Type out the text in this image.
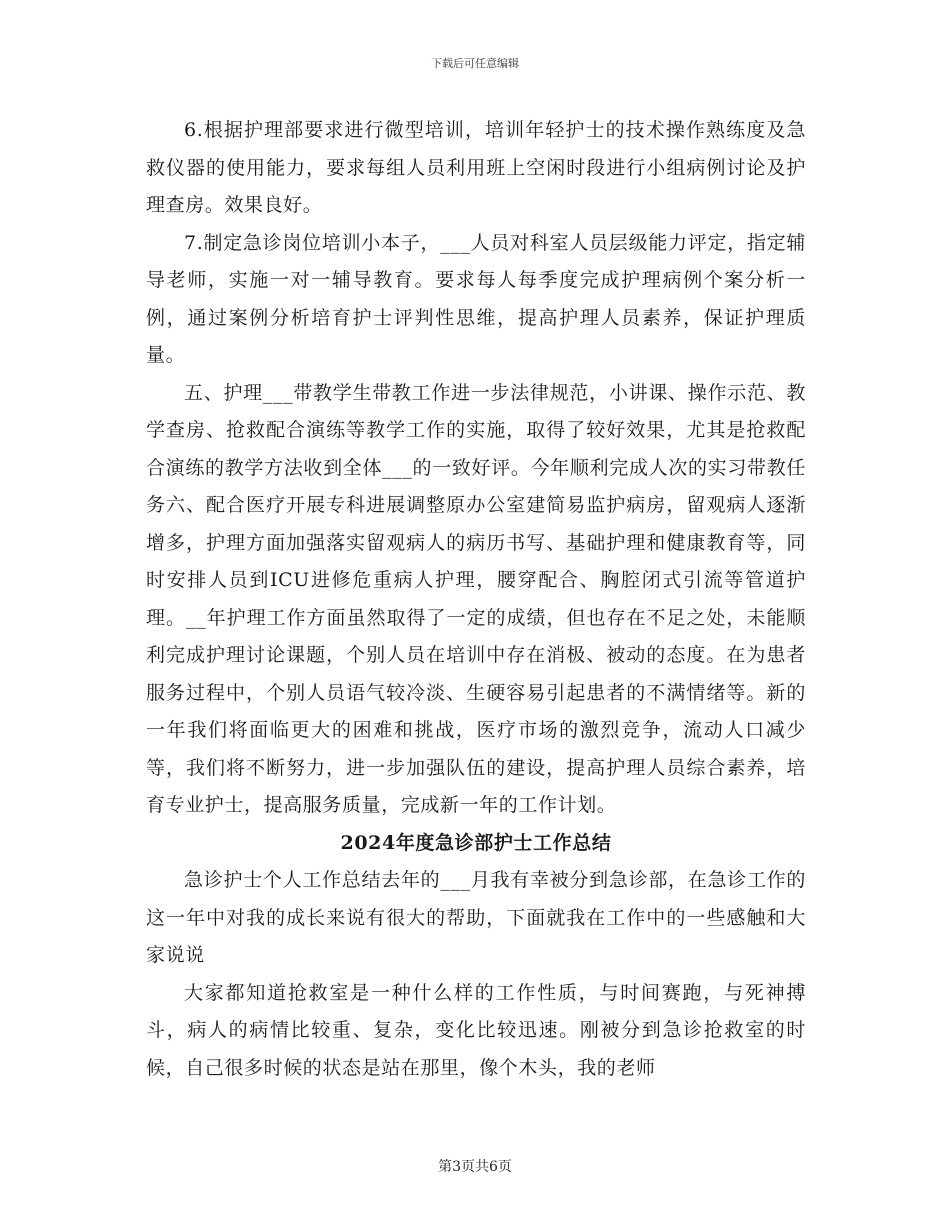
下载后可任意编辑

6.根据护理部要求进行微型培训，培训年轻护士的技术操作熟练度及急救仪器的使用能力，要求每组人员利用班上空闲时段进行小组病例讨论及护理查房。效果良好。

7.制定急诊岗位培训小本子，___人员对科室人员层级能力评定，指定辅导老师，实施一对一辅导教育。要求每人每季度完成护理病例个案分析一例，通过案例分析培育护士评判性思维，提高护理人员素养，保证护理质量。

五、护理___带教学生带教工作进一步法律规范，小讲课、操作示范、教学查房、抢救配合演练等教学工作的实施，取得了较好效果，尤其是抢救配合演练的教学方法收到全体___的一致好评。今年顺利完成人次的实习带教任务六、配合医疗开展专科进展调整原办公室建简易监护病房，留观病人逐渐增多，护理方面加强落实留观病人的病历书写、基础护理和健康教育等，同时安排人员到ICU进修危重病人护理，腰穿配合、胸腔闭式引流等管道护理。__年护理工作方面虽然取得了一定的成绩，但也存在不足之处，未能顺利完成护理讨论课题，个别人员在培训中存在消极、被动的态度。在为患者服务过程中，个别人员语气较冷淡、生硬容易引起患者的不满情绪等。新的一年我们将面临更大的困难和挑战，医疗市场的激烈竞争，流动人口减少等，我们将不断努力，进一步加强队伍的建设，提高护理人员综合素养，培育专业护士，提高服务质量，完成新一年的工作计划。

2024年度急诊部护士工作总结

急诊护士个人工作总结去年的___月我有幸被分到急诊部，在急诊工作的这一年中对我的成长来说有很大的帮助，下面就我在工作中的一些感触和大家说说

大家都知道抢救室是一种什么样的工作性质，与时间赛跑，与死神搏斗，病人的病情比较重、复杂，变化比较迅速。刚被分到急诊抢救室的时候，自己很多时候的状态是站在那里，像个木头，我的老师

第3页共6页
